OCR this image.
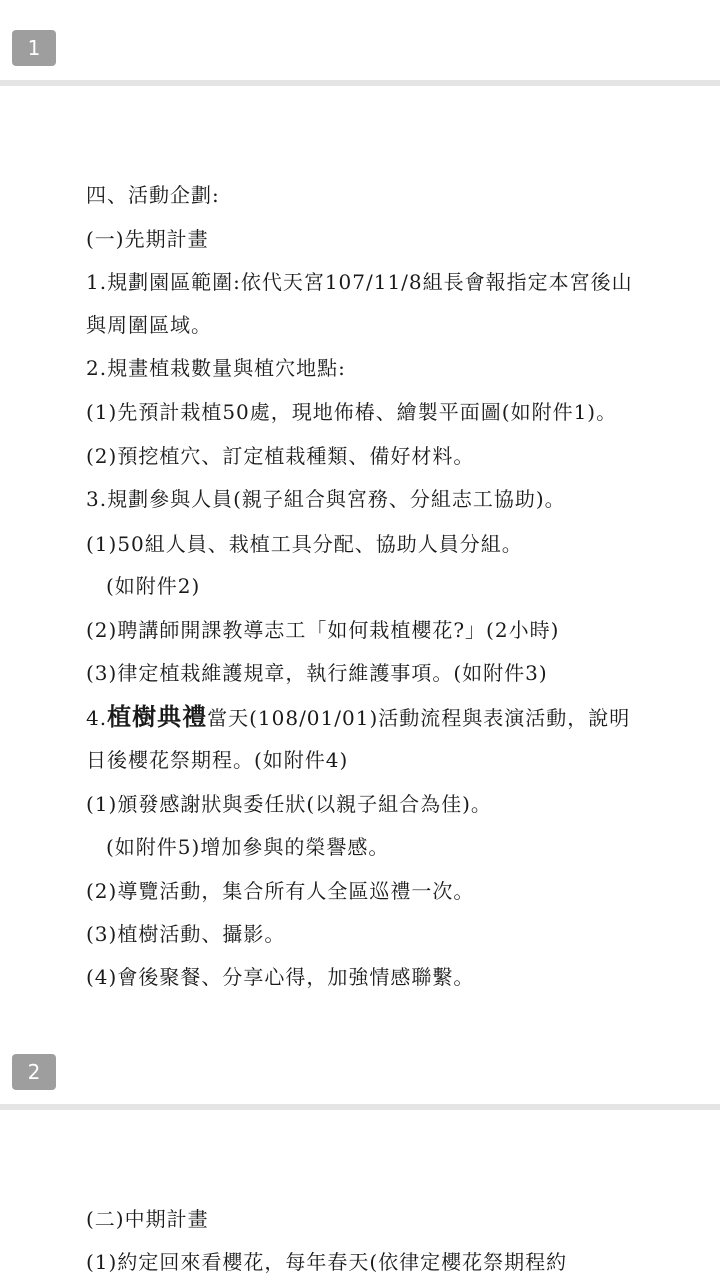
1
四、活動企劃:
(一)先期計畫
1.規劃園區範圍:依代天宮107/11/8組長會報指定本宮後山
與周圍區域。
2.規畫植栽數量與植穴地點:
(1)先預計栽植50處，現地佈椿、繪製平面圖(如附件1)。
(2)預挖植穴、訂定植栽種類、備好材料。
3.規劃參與人員(親子組合與宮務、分組志工協助)。
(1)50組人員、栽植工具分配、協助人員分組。
(如附件2)
(2)聘講師開課教導志工「如何栽植櫻花?」(2小時)
(3)律定植栽維護規章，執行維護事項。(如附件3)
4.植樹典禮當天(108/01/01)活動流程與表演活動，說明
日後櫻花祭期程。(如附件4)
(1)頒發感謝狀與委任狀(以親子組合為佳)。
(如附件5)增加參與的榮譽感。
(2)導覽活動，集合所有人全區巡禮一次。
(3)植樹活動、攝影。
(4)會後聚餐、分享心得，加強情感聯繫。
2
(二)中期計畫
(1)約定回來看櫻花，每年春天(依律定櫻花祭期程約
